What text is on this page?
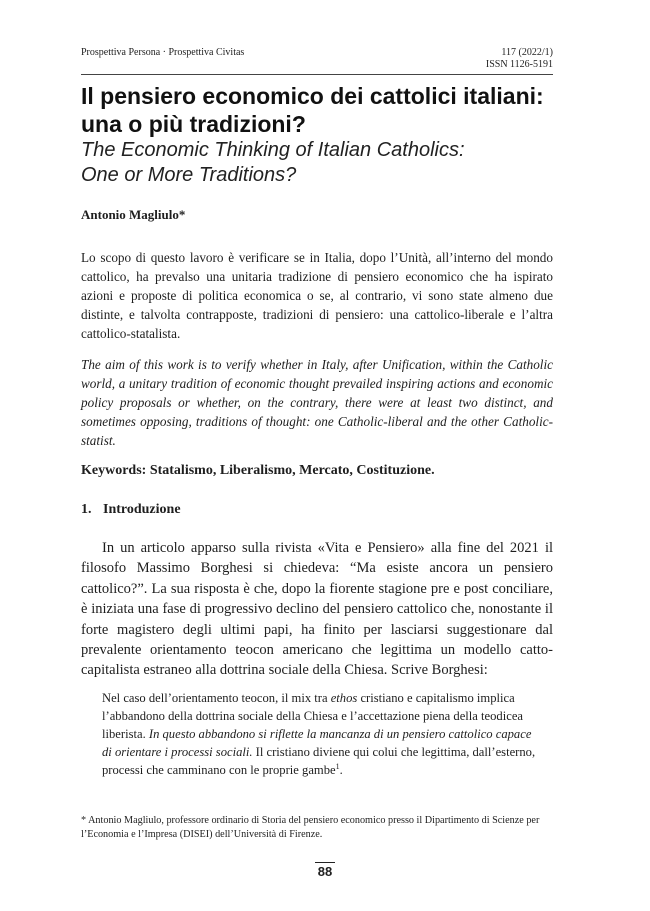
Prospettiva Persona · Prospettiva Civitas	117 (2022/1)
ISSN 1126-5191
Il pensiero economico dei cattolici italiani:
una o più tradizioni?
The Economic Thinking of Italian Catholics:
One or More Traditions?
Antonio Magliulo*

Lo scopo di questo lavoro è verificare se in Italia, dopo l’Unità, all’interno del mondo cattolico, ha prevalso una unitaria tradizione di pensiero economico che ha ispirato azioni e proposte di politica economica o se, al contrario, vi sono state almeno due distinte, e talvolta contrapposte, tradizioni di pensiero: una cattolico-liberale e l’altra cattolico-statalista.

The aim of this work is to verify whether in Italy, after Unification, within the Catholic world, a unitary tradition of economic thought prevailed inspiring actions and economic policy proposals or whether, on the contrary, there were at least two distinct, and sometimes opposing, traditions of thought: one Catholic-liberal and the other Catholic-statist.

Keywords: Statalismo, Liberalismo, Mercato, Costituzione.
1. Introduzione

In un articolo apparso sulla rivista «Vita e Pensiero» alla fine del 2021 il filosofo Massimo Borghesi si chiedeva: “Ma esiste ancora un pensiero cattolico?”. La sua risposta è che, dopo la fiorente stagione pre e post conciliare, è iniziata una fase di progressivo declino del pensiero cattolico che, nonostante il forte magistero degli ultimi papi, ha finito per lasciarsi suggestionare dal prevalente orientamento teocon americano che legittima un modello catto-capitalista estraneo alla dottrina sociale della Chiesa. Scrive Borghesi:

Nel caso dell’orientamento teocon, il mix tra ethos cristiano e capitalismo implica l’abbandono della dottrina sociale della Chiesa e l’accettazione piena della teodicea liberista. In questo abbandono si riflette la mancanza di un pensiero cattolico capace di orientare i processi sociali. Il cristiano diviene qui colui che legittima, dall’esterno, processi che camminano con le proprie gambe$^1$.

* Antonio Magliulo, professore ordinario di Storia del pensiero economico presso il Dipartimento di Scienze per l’Economia e l’Impresa (DISEI) dell’Università di Firenze.

88
